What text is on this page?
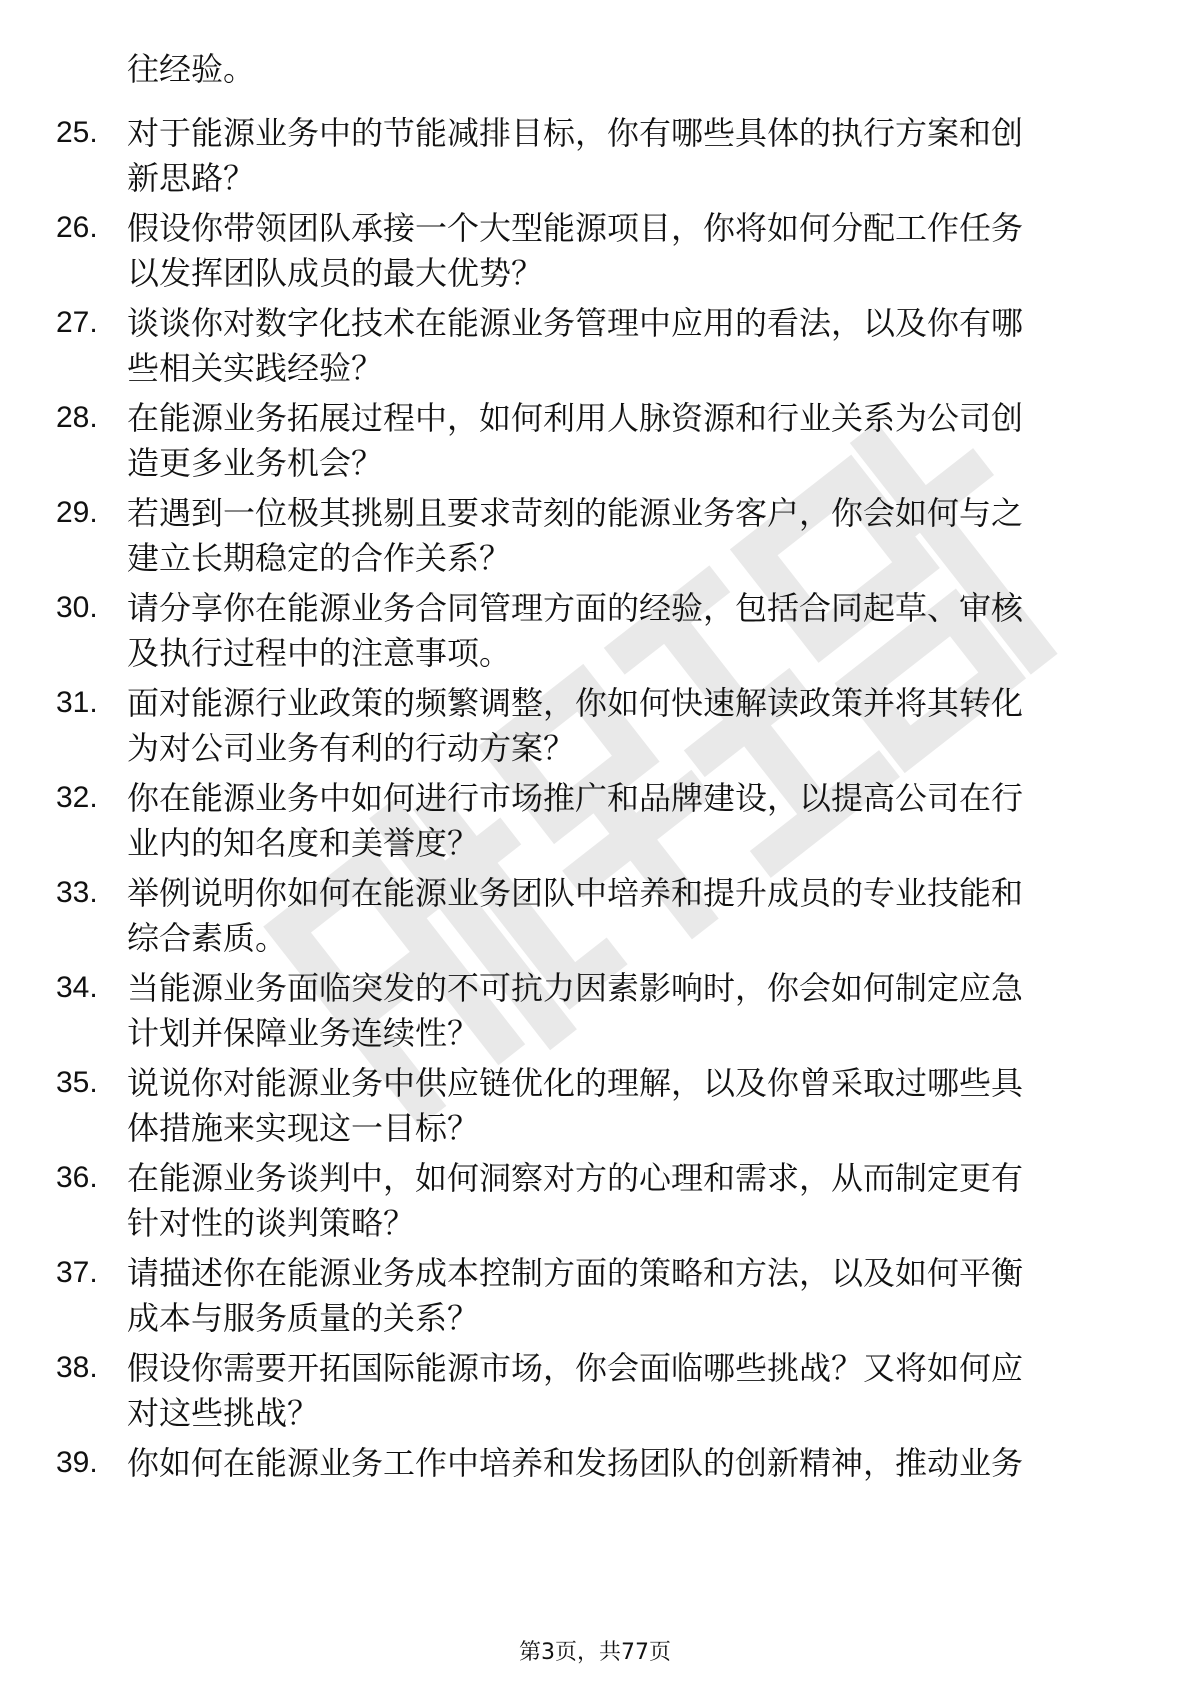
往经验。
25. 对于能源业务中的节能减排目标，你有哪些具体的执行方案和创
新思路？
26. 假设你带领团队承接一个大型能源项目，你将如何分配工作任务
以发挥团队成员的最大优势？
27. 谈谈你对数字化技术在能源业务管理中应用的看法，以及你有哪
些相关实践经验？
28. 在能源业务拓展过程中，如何利用人脉资源和行业关系为公司创
造更多业务机会？
29. 若遇到一位极其挑剔且要求苛刻的能源业务客户，你会如何与之
建立长期稳定的合作关系？
30. 请分享你在能源业务合同管理方面的经验，包括合同起草、审核
及执行过程中的注意事项。
31. 面对能源行业政策的频繁调整，你如何快速解读政策并将其转化
为对公司业务有利的行动方案？
32. 你在能源业务中如何进行市场推广和品牌建设，以提高公司在行
业内的知名度和美誉度？
33. 举例说明你如何在能源业务团队中培养和提升成员的专业技能和
综合素质。
34. 当能源业务面临突发的不可抗力因素影响时，你会如何制定应急
计划并保障业务连续性？
35. 说说你对能源业务中供应链优化的理解，以及你曾采取过哪些具
体措施来实现这一目标？
36. 在能源业务谈判中，如何洞察对方的心理和需求，从而制定更有
针对性的谈判策略？
37. 请描述你在能源业务成本控制方面的策略和方法，以及如何平衡
成本与服务质量的关系？
38. 假设你需要开拓国际能源市场，你会面临哪些挑战？又将如何应
对这些挑战？
39. 你如何在能源业务工作中培养和发扬团队的创新精神，推动业务
第3页，共77页
